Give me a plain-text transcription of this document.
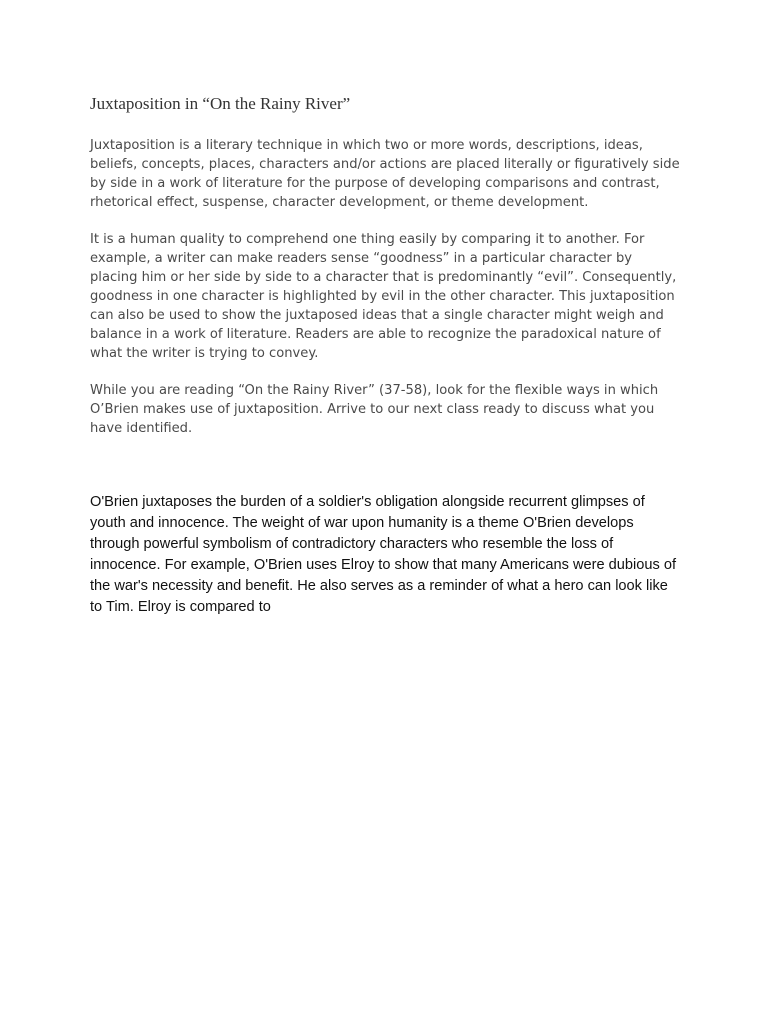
Juxtaposition in “On the Rainy River”

Juxtaposition is a literary technique in which two or more words, descriptions, ideas, beliefs, concepts, places, characters and/or actions are placed literally or figuratively side by side in a work of literature for the purpose of developing comparisons and contrast, rhetorical effect, suspense, character development, or theme development.

It is a human quality to comprehend one thing easily by comparing it to another. For example, a writer can make readers sense “goodness” in a particular character by placing him or her side by side to a character that is predominantly “evil”. Consequently, goodness in one character is highlighted by evil in the other character. This juxtaposition can also be used to show the juxtaposed ideas that a single character might weigh and balance in a work of literature. Readers are able to recognize the paradoxical nature of what the writer is trying to convey.

While you are reading “On the Rainy River” (37-58), look for the flexible ways in which O’Brien makes use of juxtaposition. Arrive to our next class ready to discuss what you have identified.

O'Brien juxtaposes the burden of a soldier's obligation alongside recurrent glimpses of youth and innocence. The weight of war upon humanity is a theme O'Brien develops through powerful symbolism of contradictory characters who resemble the loss of innocence. For example, O'Brien uses Elroy to show that many Americans were dubious of the war's necessity and benefit. He also serves as a reminder of what a hero can look like to Tim. Elroy is compared to
